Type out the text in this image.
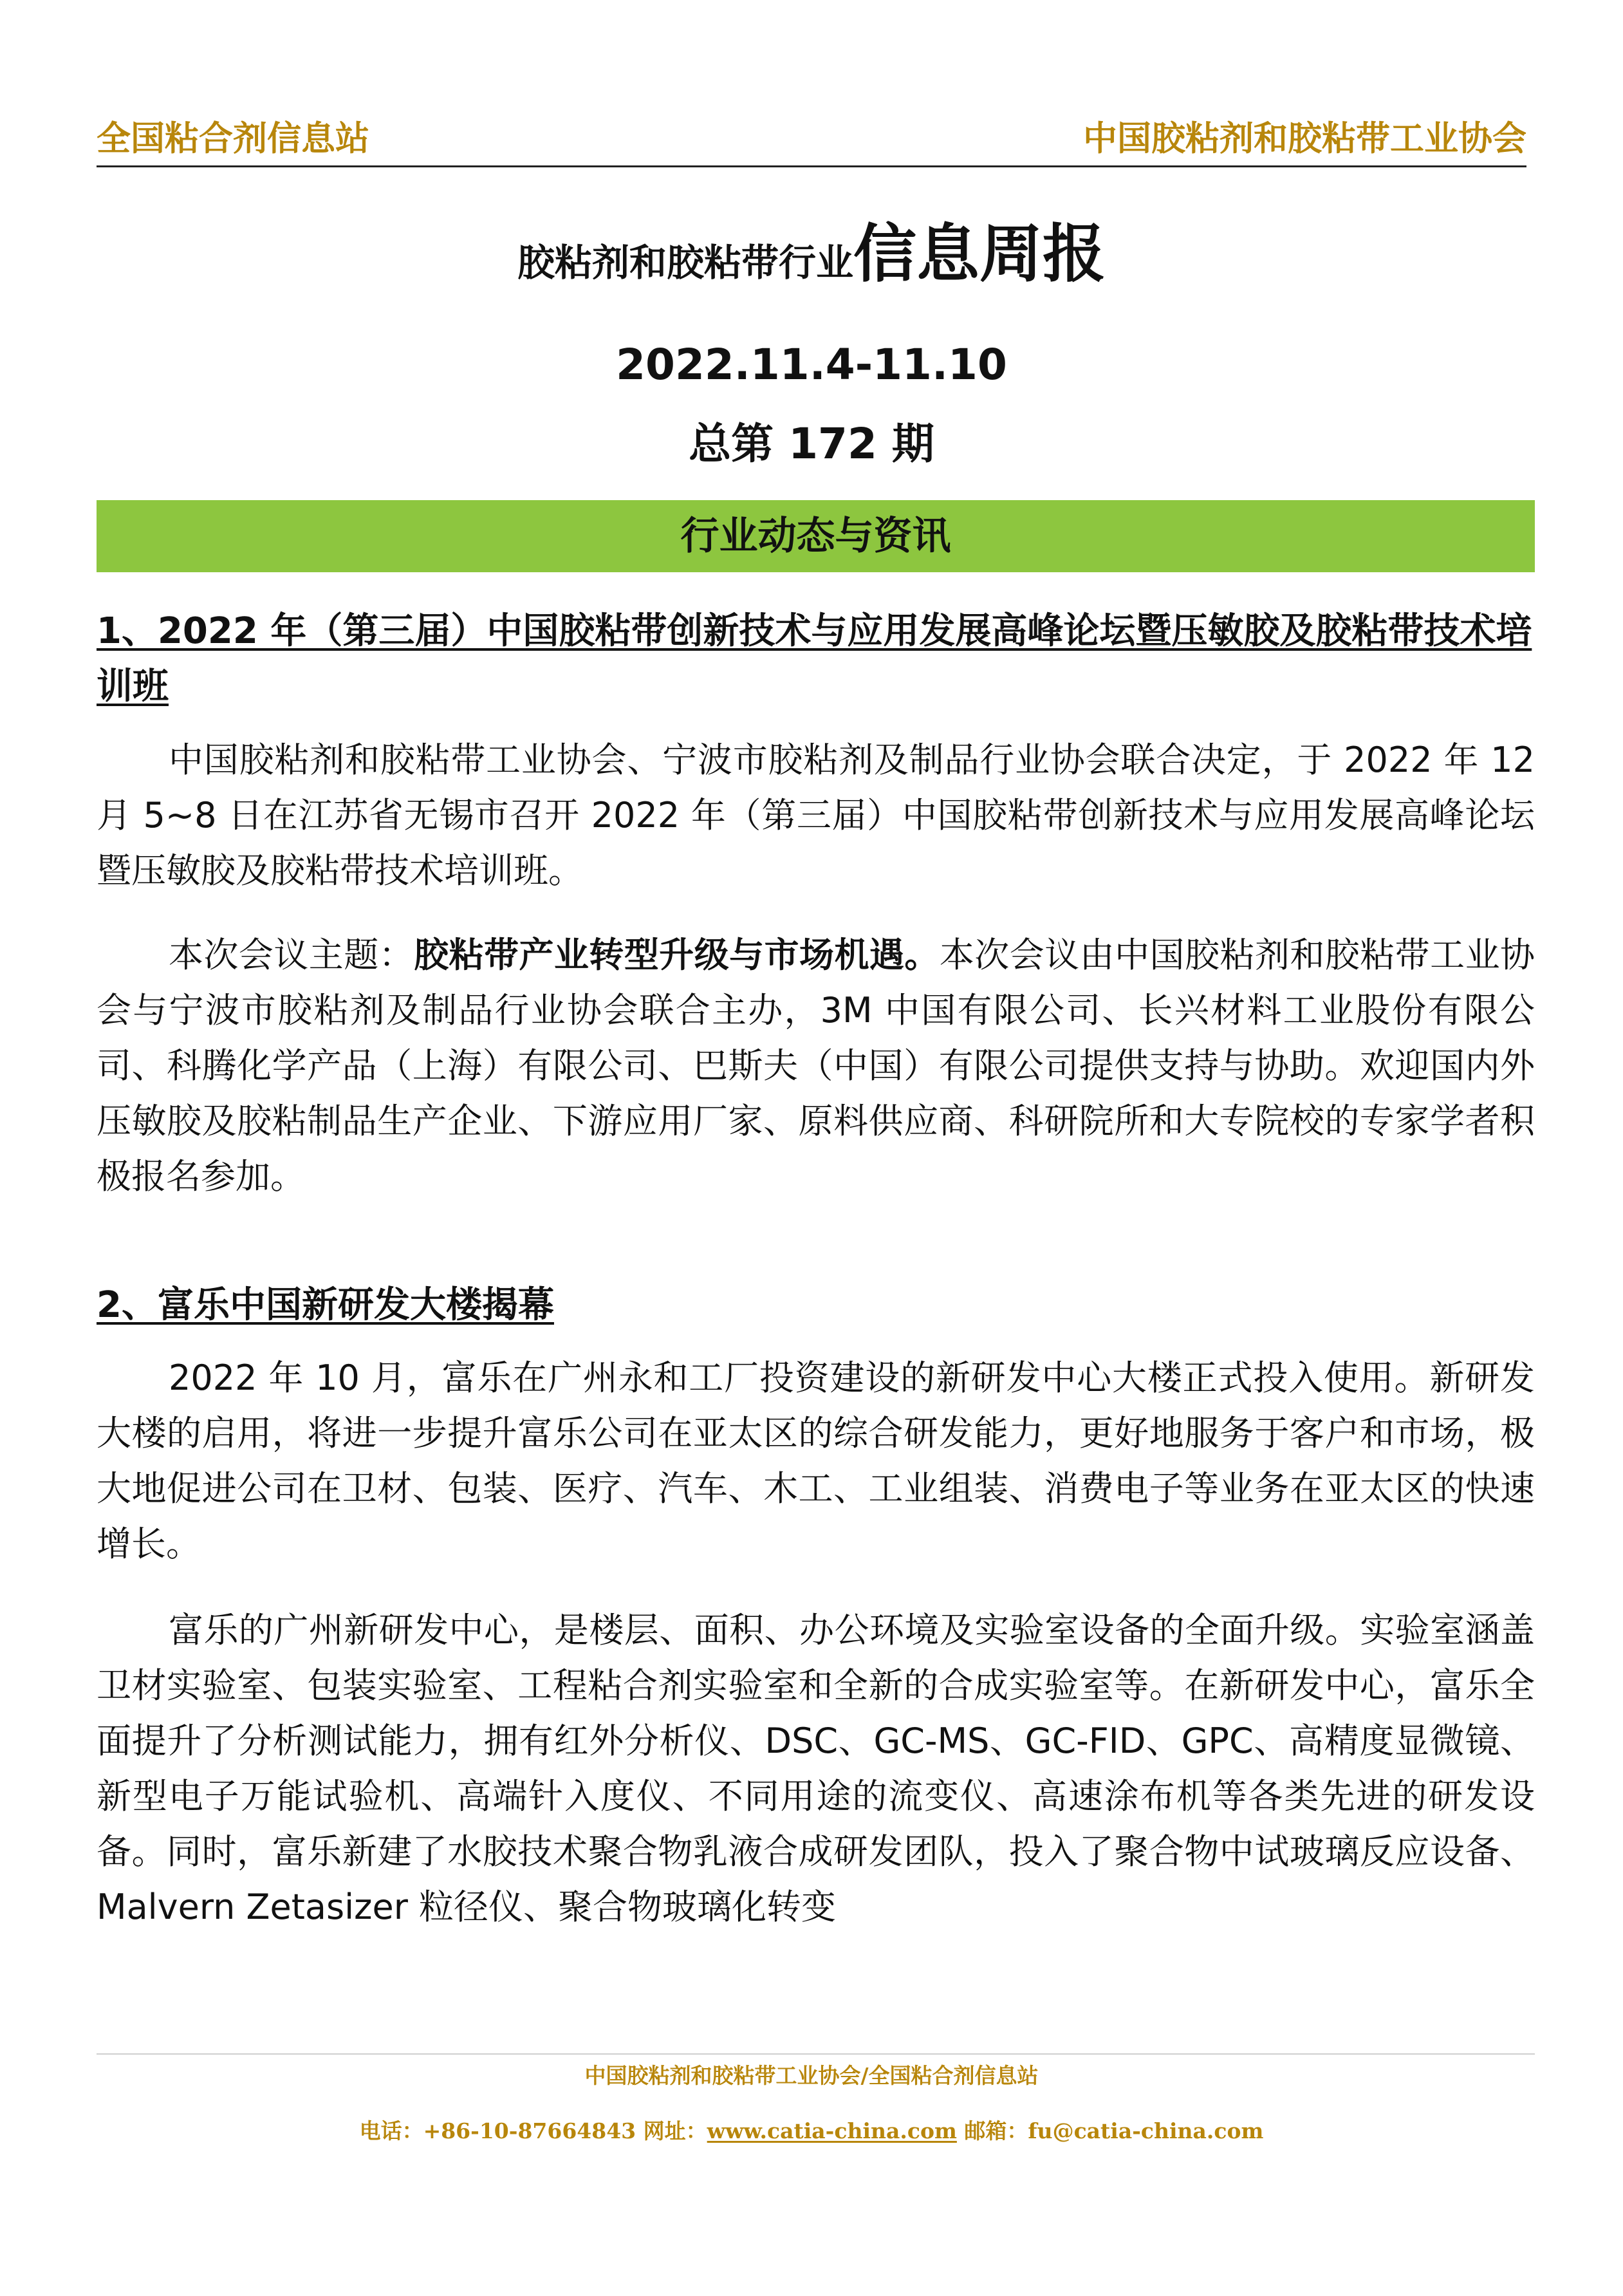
全国粘合剂信息站	中国胶粘剂和胶粘带工业协会
胶粘剂和胶粘带行业信息周报
2022.11.4-11.10
总第 172 期
行业动态与资讯
1、2022 年（第三届）中国胶粘带创新技术与应用发展高峰论坛暨压敏胶及胶粘带技术培训班

中国胶粘剂和胶粘带工业协会、宁波市胶粘剂及制品行业协会联合决定，于 2022 年 12 月 5~8 日在江苏省无锡市召开 2022 年（第三届）中国胶粘带创新技术与应用发展高峰论坛暨压敏胶及胶粘带技术培训班。

本次会议主题：胶粘带产业转型升级与市场机遇。本次会议由中国胶粘剂和胶粘带工业协会与宁波市胶粘剂及制品行业协会联合主办，3M 中国有限公司、长兴材料工业股份有限公司、科腾化学产品（上海）有限公司、巴斯夫（中国）有限公司提供支持与协助。欢迎国内外压敏胶及胶粘制品生产企业、下游应用厂家、原料供应商、科研院所和大专院校的专家学者积极报名参加。

2、富乐中国新研发大楼揭幕

2022 年 10 月，富乐在广州永和工厂投资建设的新研发中心大楼正式投入使用。新研发大楼的启用，将进一步提升富乐公司在亚太区的综合研发能力，更好地服务于客户和市场，极大地促进公司在卫材、包装、医疗、汽车、木工、工业组装、消费电子等业务在亚太区的快速增长。

富乐的广州新研发中心，是楼层、面积、办公环境及实验室设备的全面升级。实验室涵盖卫材实验室、包装实验室、工程粘合剂实验室和全新的合成实验室等。在新研发中心，富乐全面提升了分析测试能力，拥有红外分析仪、DSC、GC-MS、GC-FID、GPC、高精度显微镜、新型电子万能试验机、高端针入度仪、不同用途的流变仪、高速涂布机等各类先进的研发设备。同时，富乐新建了水胶技术聚合物乳液合成研发团队，投入了聚合物中试玻璃反应设备、Malvern Zetasizer 粒径仪、聚合物玻璃化转变

中国胶粘剂和胶粘带工业协会/全国粘合剂信息站
电话：+86-10-87664843 网址：www.catia-china.com 邮箱：fu@catia-china.com
